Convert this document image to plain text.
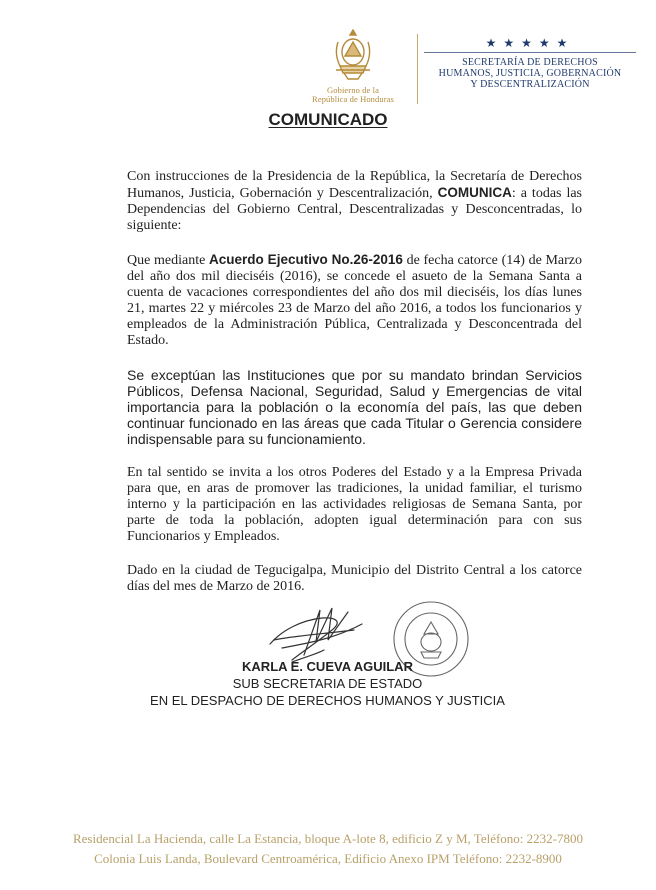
Gobierno de la
República de Honduras
★★★★★
SECRETARÍA DE DERECHOS
HUMANOS, JUSTICIA, GOBERNACIÓN
Y DESCENTRALIZACIÓN
COMUNICADO

Con instrucciones de la Presidencia de la República, la Secretaría de Derechos Humanos, Justicia, Gobernación y Descentralización, COMUNICA: a todas las Dependencias del Gobierno Central, Descentralizadas y Desconcentradas, lo siguiente:

Que mediante Acuerdo Ejecutivo No.26-2016 de fecha catorce (14) de Marzo del año dos mil dieciséis (2016), se concede el asueto de la Semana Santa a cuenta de vacaciones correspondientes del año dos mil dieciséis, los días lunes 21, martes 22 y miércoles 23 de Marzo del año 2016, a todos los funcionarios y empleados de la Administración Pública, Centralizada y Desconcentrada del Estado.

Se exceptúan las Instituciones que por su mandato brindan Servicios Públicos, Defensa Nacional, Seguridad, Salud y Emergencias de vital importancia para la población o la economía del país, las que deben continuar funcionado en las áreas que cada Titular o Gerencia considere indispensable para su funcionamiento.

En tal sentido se invita a los otros Poderes del Estado y a la Empresa Privada para que, en aras de promover las tradiciones, la unidad familiar, el turismo interno y la participación en las actividades religiosas de Semana Santa, por parte de toda la población, adopten igual determinación para con sus Funcionarios y Empleados.

Dado en la ciudad de Tegucigalpa, Municipio del Distrito Central a los catorce días del mes de Marzo de 2016.

KARLA E. CUEVA AGUILAR
SUB SECRETARIA DE ESTADO
EN EL DESPACHO DE DERECHOS HUMANOS Y JUSTICIA
Residencial La Hacienda, calle La Estancia, bloque A-lote 8, edificio Z y M, Teléfono: 2232-7800
Colonia Luis Landa, Boulevard Centroamérica, Edificio Anexo IPM Teléfono: 2232-8900
